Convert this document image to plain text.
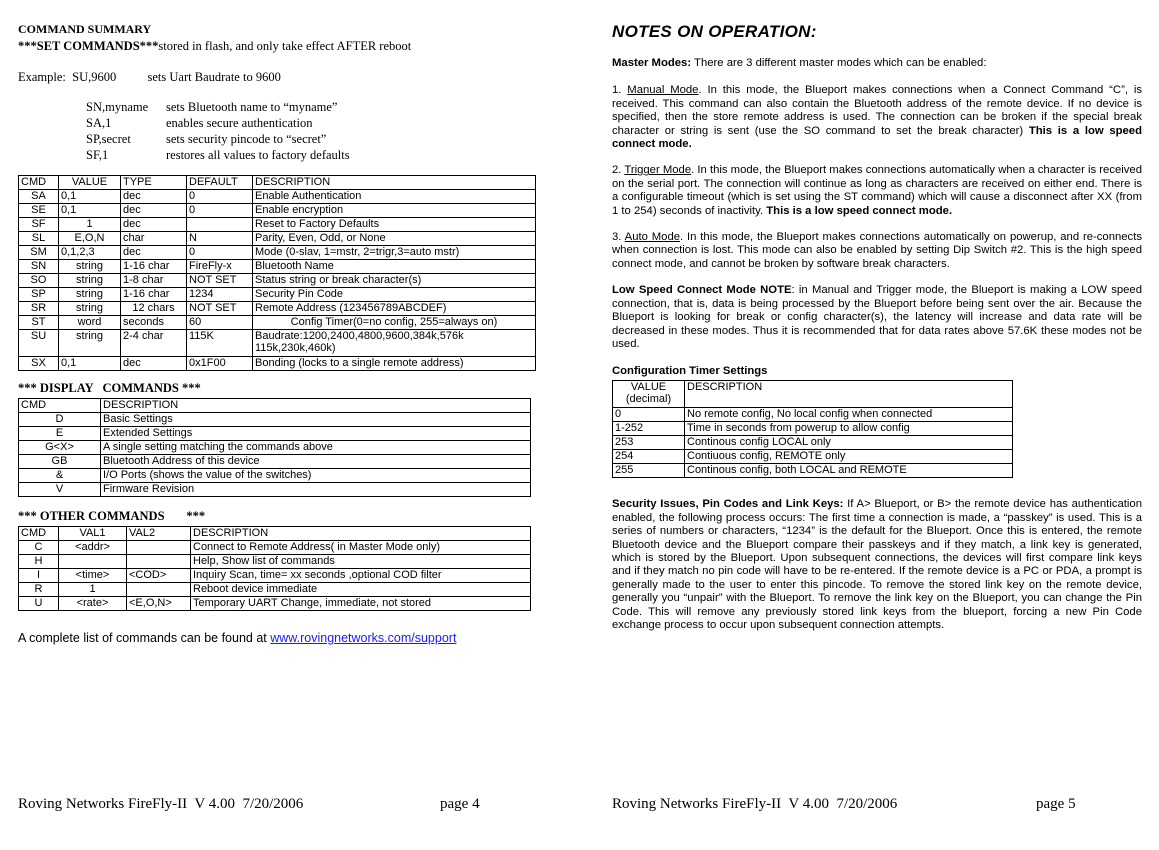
COMMAND SUMMARY
***SET COMMANDS***stored in flash, and only take effect AFTER reboot
Example: SU,9600	sets Uart Baudrate to 9600
SN,myname	sets Bluetooth name to “myname”
SA,1	enables secure authentication
SP,secret	sets security pincode to “secret”
SF,1	restores all values to factory defaults
CMD	VALUE	TYPE	DEFAULT	DESCRIPTION
SA	0,1	dec	0	Enable Authentication
SE	0,1	dec	0	Enable encryption
SF	1	dec		Reset to Factory Defaults
SL	E,O,N	char	N	Parity, Even, Odd, or None
SM	0,1,2,3	dec	0	Mode (0-slav, 1=mstr, 2=trigr,3=auto mstr)
SN	string	1-16 char	FireFly-x	Bluetooth Name
SO	string	1-8 char	NOT SET	Status string or break character(s)
SP	string	1-16 char	1234	Security Pin Code
SR	string	12 chars	NOT SET	Remote Address (123456789ABCDEF)
ST	word	seconds	60	Config Timer(0=no config, 255=always on)
SU	string	2-4 char	115K	Baudrate:1200,2400,4800,9600,384k,576k
115k,230k,460k)

SX	0,1	dec	0x1F00	Bonding (locks to a single remote address)
*** DISPLAY   COMMANDS ***
CMD	DESCRIPTION
D	Basic Settings
E	Extended Settings
G<X>	A single setting matching the commands above
GB	Bluetooth Address of this device
&	I/O Ports (shows the value of the switches)
V	Firmware Revision
*** OTHER COMMANDS       ***
CMD	VAL1	VAL2	DESCRIPTION
C	<addr>		Connect to Remote Address( in Master Mode only)
H			Help, Show list of commands
I	<time>	<COD>	Inquiry Scan, time= xx seconds ,optional COD filter
R	1		Reboot device immediate
U	<rate>	<E,O,N>	Temporary UART Change, immediate, not stored
A complete list of commands can be found at www.rovingnetworks.com/support
Roving Networks FireFly-II  V 4.00  7/20/2006	page 4
NOTES ON OPERATION:
Master Modes: There are 3 different master modes which can be enabled:
1. Manual Mode. In this mode, the Blueport makes connections when a Connect Command “C”, is received. This command can also contain the Bluetooth address of the remote device. If no device is specified, then the store remote address is used. The connection can be broken if the special break character or string is sent (use the SO command to set the break character) This is a low speed connect mode.
2. Trigger Mode. In this mode, the Blueport makes connections automatically when a character is received on the serial port. The connection will continue as long as characters are received on either end. There is a configurable timeout (which is set using the ST command) which will cause a disconnect after XX (from 1 to 254) seconds of inactivity. This is a low speed connect mode.
3. Auto Mode. In this mode, the Blueport makes connections automatically on powerup, and re-connects when connection is lost. This mode can also be enabled by setting Dip Switch #2. This is the high speed connect mode, and cannot be broken by software break characters.
Low Speed Connect Mode NOTE: in Manual and Trigger mode, the Blueport is making a LOW speed connection, that is, data is being processed by the Blueport before being sent over the air. Because the Blueport is looking for break or config character(s), the latency will increase and data rate will be decreased in these modes. Thus it is recommended that for data rates above 57.6K these modes not be used.
Configuration Timer Settings
VALUE (decimal)	DESCRIPTION
0	No remote config, No local config when connected
1-252	Time in seconds from powerup to allow config
253	Continous config LOCAL only
254	Contiuous config, REMOTE only
255	Continous config, both LOCAL and REMOTE
Security Issues, Pin Codes and Link Keys: If A> Blueport, or B> the remote device has authentication enabled, the following process occurs: The first time a connection is made, a “passkey” is used. This is a series of numbers or characters, “1234” is the default for the Blueport. Once this is entered, the remote Bluetooth device and the Blueport compare their passkeys and if they match, a link key is generated, which is stored by the Blueport. Upon subsequent connections, the devices will first compare link keys and if they match no pin code will have to be re-entered. If the remote device is a PC or PDA, a prompt is generally made to the user to enter this pincode. To remove the stored link key on the remote device, generally you “unpair” with the Blueport. To remove the link key on the Blueport, you can change the Pin Code. This will remove any previously stored link keys from the blueport, forcing a new Pin Code exchange process to occur upon subsequent connection attempts.
Roving Networks FireFly-II  V 4.00  7/20/2006	page 5
